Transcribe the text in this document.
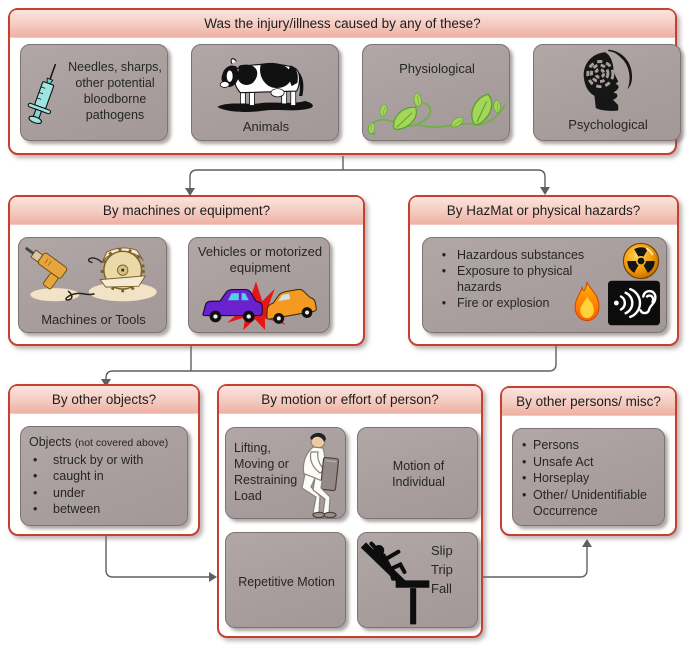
Was the injury/illness caused by any of these?
Needles, sharps, other potential bloodborne pathogens
Animals
Physiological
Psychological
By machines or equipment?
Machines or Tools
Vehicles or motorized equipment
By HazMat or physical hazards?
• Hazardous substances
• Exposure to physical hazards
• Fire or explosion
By other objects?
Objects (not covered above)
•	struck by or with
•	caught in
•	under
•	between
By motion or effort of person?
Lifting, Moving or Restraining Load
Motion of Individual
Repetitive Motion
Slip
Trip
Fall
By other persons/ misc?
• Persons
• Unsafe Act
• Horseplay
• Other/ Unidentifiable Occurrence
